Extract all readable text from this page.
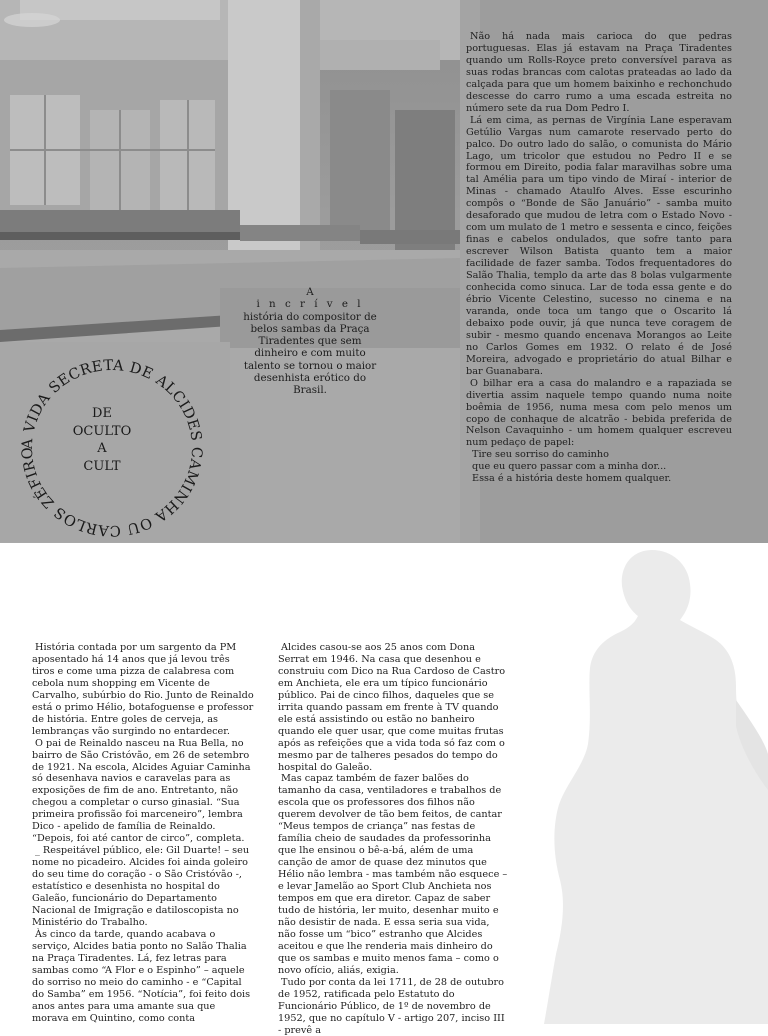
Não há nada mais carioca do que pedras portuguesas. Elas já estavam na Praça Tiradentes quando um Rolls-Royce preto conversível parava as suas rodas brancas com calotas prateadas ao lado da calçada para que um homem baixinho e rechonchudo descesse do carro rumo a uma escada estreita no número sete da rua Dom Pedro I.

Lá em cima, as pernas de Virgínia Lane esperavam Getúlio Vargas num camarote reservado perto do palco. Do outro lado do salão, o comunista do Mário Lago, um tricolor que estudou no Pedro II e se formou em Direito, podia falar maravilhas sobre uma tal Amélia para um tipo vindo de Miraí - interior de Minas - chamado Ataulfo Alves. Esse escurinho compôs o “Bonde de São Januário” - samba muito desaforado que mudou de letra com o Estado Novo - com um mulato de 1 metro e sessenta e cinco, feições finas e cabelos ondulados, que sofre tanto para escrever Wilson Batista quanto tem a maior facilidade de fazer samba. Todos frequentadores do Salão Thalia, templo da arte das 8 bolas vulgarmente conhecida como sinuca. Lar de toda essa gente e do ébrio Vicente Celestino, sucesso no cinema e na varanda, onde toca um tango que o Oscarito lá debaixo pode ouvir, já que nunca teve coragem de subir - mesmo quando encenava Morangos ao Leite no Carlos Gomes em 1932. O relato é de José Moreira, advogado e proprietário do atual Bilhar e bar Guanabara.

O bilhar era a casa do malandro e a rapaziada se divertia assim naquele tempo quando numa noite boêmia de 1956, numa mesa com pelo menos um copo de conhaque de alcatrão - bebida preferida de Nelson Cavaquinho - um homem qualquer escreveu num pedaço de papel:

Tire seu sorriso do caminho

que eu quero passar com a minha dor...

Essa é a história deste homem qualquer.

A
i n c r í v e l
história do compositor de belos sambas da Praça Tiradentes que sem dinheiro e com muito talento se tornou o maior desenhista erótico do Brasil.
A VIDA SECRETA DE ALCIDES CAMINHA OU CARLOS ZÉFIRO
DE
OCULTO
A
CULT

História contada por um sargento da PM aposentado há 14 anos que já levou três tiros e come uma pizza de calabresa com cebola num shopping em Vicente de Carvalho, subúrbio do Rio. Junto de Reinaldo está o primo Hélio, botafoguense e professor de história. Entre goles de cerveja, as lembranças vão surgindo no entardecer.

O pai de Reinaldo nasceu na Rua Bella, no bairro de São Cristóvão, em 26 de setembro de 1921. Na escola, Alcides Aguiar Caminha só desenhava navios e caravelas para as exposições de fim de ano. Entretanto, não chegou a completar o curso ginasial. “Sua primeira profissão foi marceneiro”, lembra Dico - apelido de família de Reinaldo. “Depois, foi até cantor de circo”, completa.

_ Respeitável público, ele: Gil Duarte! – seu nome no picadeiro. Alcides foi ainda goleiro do seu time do coração - o São Cristóvão -, estatístico e desenhista no hospital do Galeão, funcionário do Departamento Nacional de Imigração e datiloscopista no Ministério do Trabalho.

Às cinco da tarde, quando acabava o serviço, Alcides batia ponto no Salão Thalia na Praça Tiradentes. Lá, fez letras para sambas como “A Flor e o Espinho” – aquele do sorriso no meio do caminho - e “Capital do Samba” em 1956. “Notícia”, foi feito dois anos antes para uma amante sua que morava em Quintino, como conta

Alcides casou-se aos 25 anos com Dona Serrat em 1946. Na casa que desenhou e construiu com Dico na Rua Cardoso de Castro em Anchieta, ele era um típico funcionário público. Pai de cinco filhos, daqueles que se irrita quando passam em frente à TV quando ele está assistindo ou estão no banheiro quando ele quer usar, que come muitas frutas após as refeições que a vida toda só faz com o mesmo par de talheres pesados do tempo do hospital do Galeão.

Mas capaz também de fazer balões do tamanho da casa, ventiladores e trabalhos de escola que os professores dos filhos não querem devolver de tão bem feitos, de cantar “Meus tempos de criança” nas festas de família cheio de saudades da professorinha que lhe ensinou o bê-a-bá, além de uma canção de amor de quase dez minutos que Hélio não lembra - mas também não esquece – e levar Jamelão ao Sport Club Anchieta nos tempos em que era diretor. Capaz de saber tudo de história, ler muito, desenhar muito e não desistir de nada. E essa seria sua vida, não fosse um “bico” estranho que Alcides aceitou e que lhe renderia mais dinheiro do que os sambas e muito menos fama – como o novo ofício, aliás, exigia.

Tudo por conta da lei 1711, de 28 de outubro de 1952, ratificada pelo Estatuto do Funcionário Público, de 1º de novembro de 1952, que no capítulo V - artigo 207, inciso III - prevê a
